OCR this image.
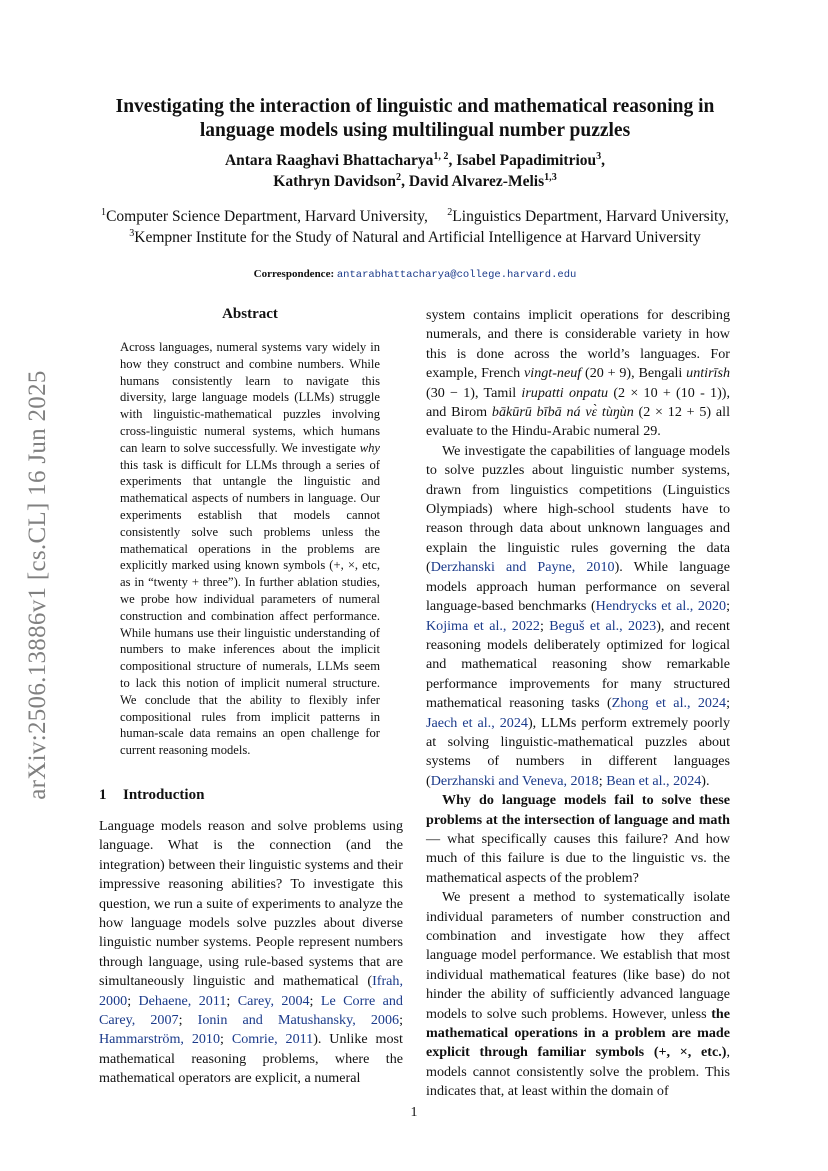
arXiv:2506.13886v1 [cs.CL] 16 Jun 2025
Investigating the interaction of linguistic and mathematical reasoning in language models using multilingual number puzzles
Antara Raaghavi Bhattacharya$^{1, 2}$, Isabel Papadimitriou$^3$,
Kathryn Davidson$^2$, David Alvarez-Melis$^{1,3}$
$^1$Computer Science Department, Harvard University, $^2$Linguistics Department, Harvard University,
$^3$Kempner Institute for the Study of Natural and Artificial Intelligence at Harvard University
Correspondence: antarabhattacharya@college.harvard.edu
Abstract

Across languages, numeral systems vary widely in how they construct and combine numbers. While humans consistently learn to navigate this diversity, large language models (LLMs) struggle with linguistic-mathematical puzzles involving cross-linguistic numeral systems, which humans can learn to solve successfully. We investigate why this task is difficult for LLMs through a series of experiments that untangle the linguistic and mathematical aspects of numbers in language. Our experiments establish that models cannot consistently solve such problems unless the mathematical operations in the problems are explicitly marked using known symbols (+, ×, etc, as in “twenty + three”). In further ablation studies, we probe how individual parameters of numeral construction and combination affect performance. While humans use their linguistic understanding of numbers to make inferences about the implicit compositional structure of numerals, LLMs seem to lack this notion of implicit numeral structure. We conclude that the ability to flexibly infer compositional rules from implicit patterns in human-scale data remains an open challenge for current reasoning models.

1 Introduction

Language models reason and solve problems using language. What is the connection (and the integration) between their linguistic systems and their impressive reasoning abilities? To investigate this question, we run a suite of experiments to analyze the how language models solve puzzles about diverse linguistic number systems. People represent numbers through language, using rule-based systems that are simultaneously linguistic and mathematical (Ifrah, 2000; Dehaene, 2011; Carey, 2004; Le Corre and Carey, 2007; Ionin and Matushansky, 2006; Hammarström, 2010; Comrie, 2011). Unlike most mathematical reasoning problems, where the mathematical operators are explicit, a numeral

system contains implicit operations for describing numerals, and there is considerable variety in how this is done across the world’s languages. For example, French vingt-neuf (20 + 9), Bengali untirīsh (30 − 1), Tamil irupatti onpatu (2 × 10 + (10 - 1)), and Birom bākūrū bībā ná vɛ̀ tùŋùn (2 × 12 + 5) all evaluate to the Hindu-Arabic numeral 29.

We investigate the capabilities of language models to solve puzzles about linguistic number systems, drawn from linguistics competitions (Linguistics Olympiads) where high-school students have to reason through data about unknown languages and explain the linguistic rules governing the data (Derzhanski and Payne, 2010). While language models approach human performance on several language-based benchmarks (Hendrycks et al., 2020; Kojima et al., 2022; Beguš et al., 2023), and recent reasoning models deliberately optimized for logical and mathematical reasoning show remarkable performance improvements for many structured mathematical reasoning tasks (Zhong et al., 2024; Jaech et al., 2024), LLMs perform extremely poorly at solving linguistic-mathematical puzzles about systems of numbers in different languages (Derzhanski and Veneva, 2018; Bean et al., 2024).

Why do language models fail to solve these problems at the intersection of language and math — what specifically causes this failure? And how much of this failure is due to the linguistic vs. the mathematical aspects of the problem?

We present a method to systematically isolate individual parameters of number construction and combination and investigate how they affect language model performance. We establish that most individual mathematical features (like base) do not hinder the ability of sufficiently advanced language models to solve such problems. However, unless the mathematical operations in a problem are made explicit through familiar symbols (+, ×, etc.), models cannot consistently solve the problem. This indicates that, at least within the domain of

1
